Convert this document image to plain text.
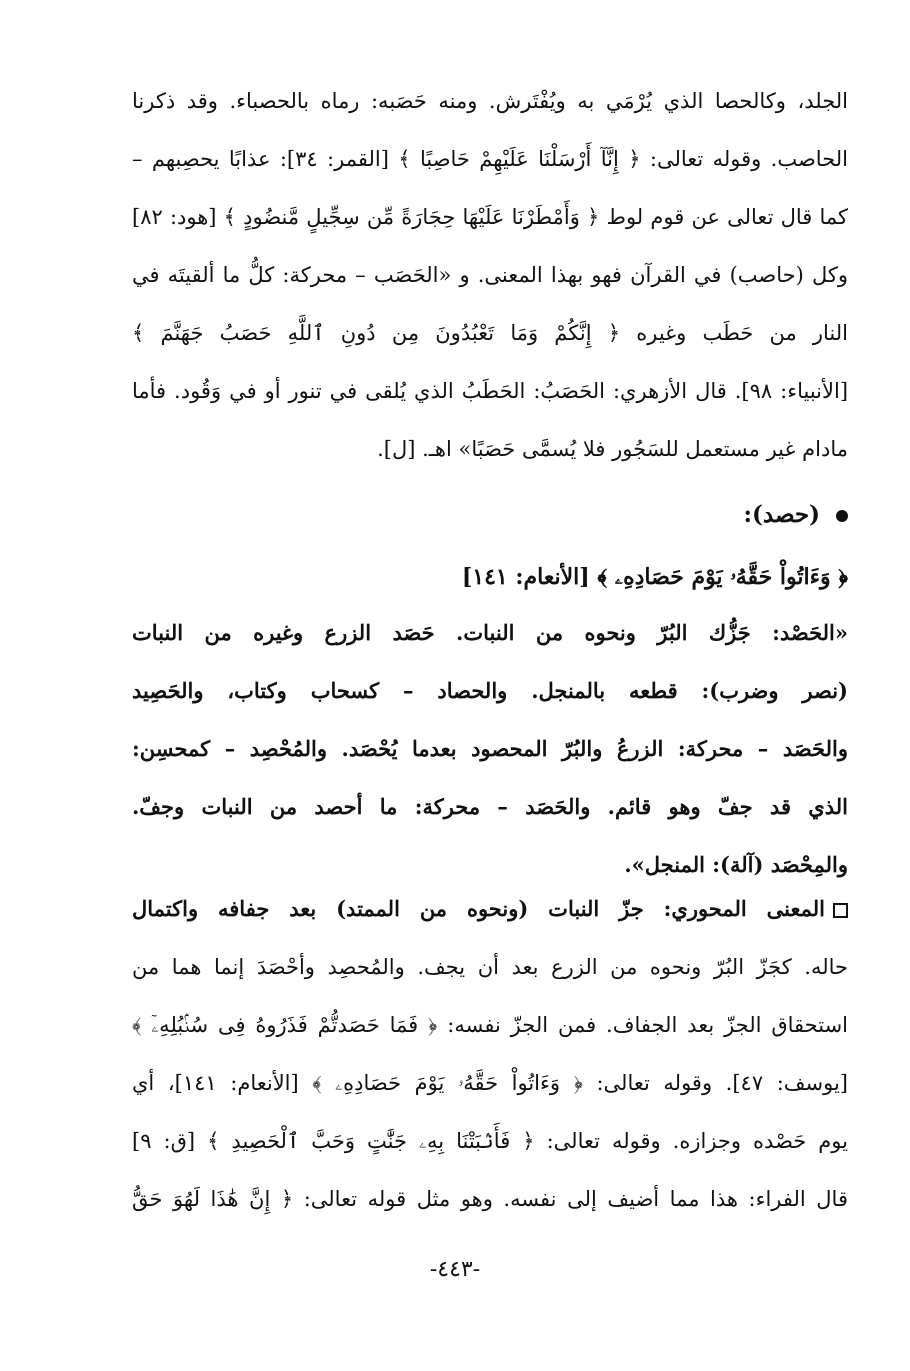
الجلد، وكالحصا الذي يُرْمَي به ويُفْتَرش. ومنه حَصَبه: رماه بالحصباء. وقد ذكرنا
الحاصب. وقوله تعالى: ﴿ إِنَّآ أَرْسَلْنَا عَلَيْهِمْ حَاصِبًا ﴾ [القمر: ٣٤]: عذابًا يحصِبهم –
كما قال تعالى عن قوم لوط ﴿ وَأَمْطَرْنَا عَلَيْهَا حِجَارَةً مِّن سِجِّيلٍ مَّنضُودٍ ﴾ [هود: ٨٢]
وكل (حاصب) في القرآن فهو بهذا المعنى. و «الحَصَب – محركة: كلُّ ما ألقيتَه في
النار من حَطَب وغيره ﴿ إِنَّكُمْ وَمَا تَعْبُدُونَ مِن دُونِ ٱللَّهِ حَصَبُ جَهَنَّمَ ﴾
[الأنبياء: ٩٨]. قال الأزهري: الحَصَبُ: الحَطَبُ الذي يُلقى في تنور أو في وَقُود. فأما
مادام غير مستعمل للسَجُور فلا يُسمَّى حَصَبًا» اهـ. [ل].
(حصد):
﴿ وَءَاتُواْ حَقَّهُۥ يَوْمَ حَصَادِهِۦ ﴾ [الأنعام: ١٤١]
«الحَصْد: جَزُّك البُرّ ونحوه من النبات. حَصَد الزرع وغيره من النبات
(نصر وضرب): قطعه بالمنجل. والحصاد – كسحاب وكتاب، والحَصِيد
والحَصَد – محركة: الزرعُ والبُرّ المحصود بعدما يُحْصَد. والمُحْصِد – كمحسِن:
الذي قد جفّ وهو قائم. والحَصَد – محركة: ما أحصد من النبات وجفّ.
والمِحْصَد (آلة): المنجل».
المعنى المحوري: جزّ النبات (ونحوه من الممتد) بعد جفافه واكتمال
حاله. كجَزّ البُرّ ونحوه من الزرع بعد أن يجف. والمُحصِد وأحْصَدَ إنما هما من
استحقاق الجزّ بعد الجفاف. فمن الجزّ نفسه: ﴿ فَمَا حَصَدتُّمْ فَذَرُوهُ فِى سُنۢبُلِهِۦٓ ﴾
[يوسف: ٤٧]. وقوله تعالى: ﴿ وَءَاتُواْ حَقَّهُۥ يَوْمَ حَصَادِهِۦ ﴾ [الأنعام: ١٤١]، أي
يوم حَصْده وجزازه. وقوله تعالى: ﴿ فَأَنۢبَتْنَا بِهِۦ جَنَّٰتٍ وَحَبَّ ٱلْحَصِيدِ ﴾ [ق: ٩]
قال الفراء: هذا مما أضيف إلى نفسه. وهو مثل قوله تعالى: ﴿ إِنَّ هَٰذَا لَهُوَ حَقُّ
-٤٤٣-
